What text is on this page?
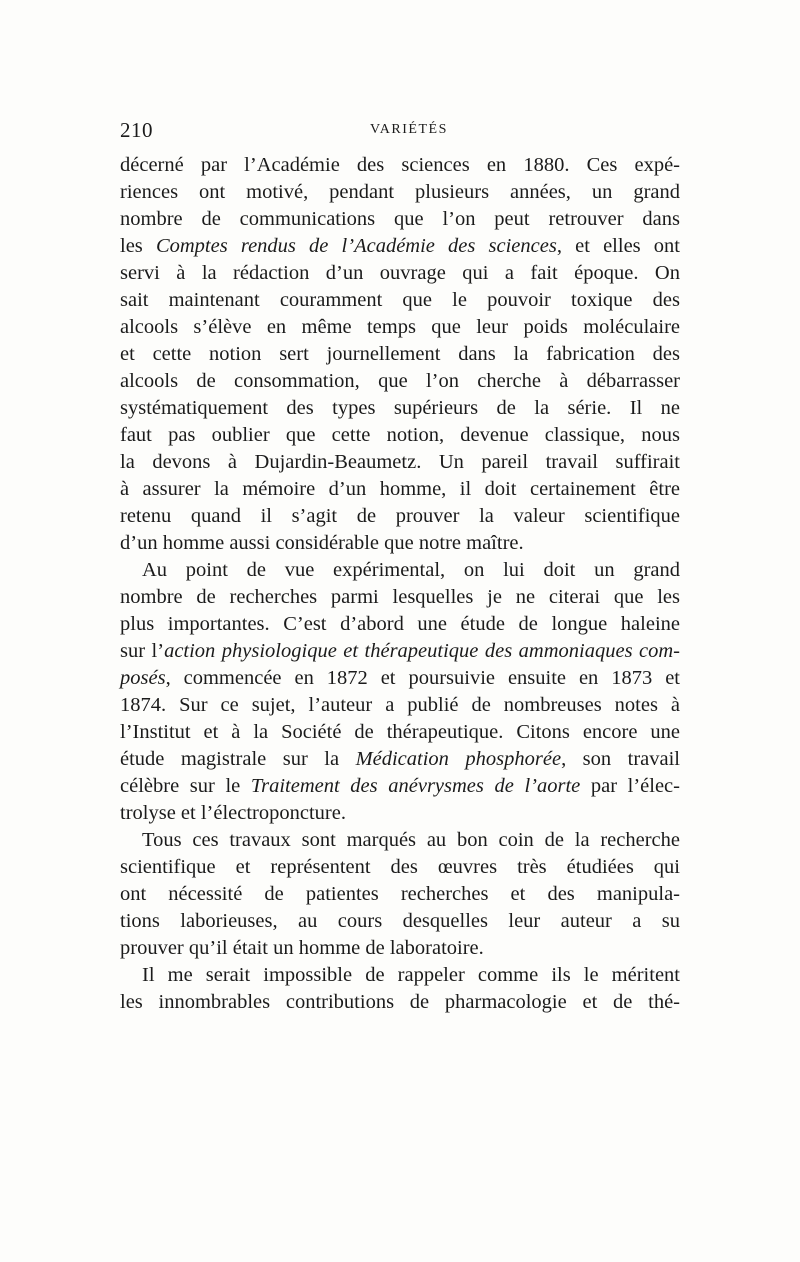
210	VARIÉTÉS
décerné par l’Académie des sciences en 1880. Ces expé-
riences ont motivé, pendant plusieurs années, un grand
nombre de communications que l’on peut retrouver dans
les Comptes rendus de l’Académie des sciences, et elles ont
servi à la rédaction d’un ouvrage qui a fait époque. On
sait maintenant couramment que le pouvoir toxique des
alcools s’élève en même temps que leur poids moléculaire
et cette notion sert journellement dans la fabrication des
alcools de consommation, que l’on cherche à débarrasser
systématiquement des types supérieurs de la série. Il ne
faut pas oublier que cette notion, devenue classique, nous
la devons à Dujardin-Beaumetz. Un pareil travail suffirait
à assurer la mémoire d’un homme, il doit certainement être
retenu quand il s’agit de prouver la valeur scientifique
d’un homme aussi considérable que notre maître.
Au point de vue expérimental, on lui doit un grand
nombre de recherches parmi lesquelles je ne citerai que les
plus importantes. C’est d’abord une étude de longue haleine
sur l’action physiologique et thérapeutique des ammoniaques com-
posés, commencée en 1872 et poursuivie ensuite en 1873 et
1874. Sur ce sujet, l’auteur a publié de nombreuses notes à
l’Institut et à la Société de thérapeutique. Citons encore une
étude magistrale sur la Médication phosphorée, son travail
célèbre sur le Traitement des anévrysmes de l’aorte par l’élec-
trolyse et l’électroponcture.
Tous ces travaux sont marqués au bon coin de la recherche
scientifique et représentent des œuvres très étudiées qui
ont nécessité de patientes recherches et des manipula-
tions laborieuses, au cours desquelles leur auteur a su
prouver qu’il était un homme de laboratoire.
Il me serait impossible de rappeler comme ils le méritent
les innombrables contributions de pharmacologie et de thé-
